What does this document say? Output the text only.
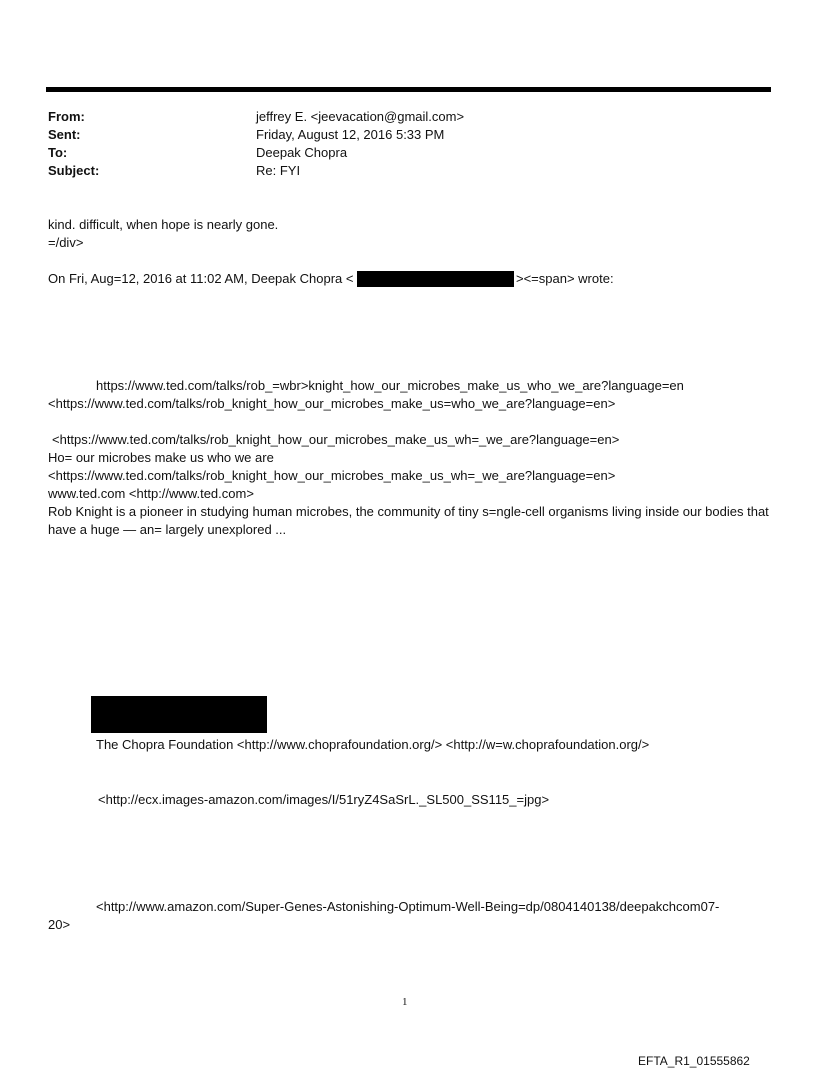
From:	jeffrey E. <jeevacation@gmail.com>
Sent:	Friday, August 12, 2016 5:33 PM
To:	Deepak Chopra
Subject:	Re: FYI
kind. difficult, when hope is nearly gone.
=/div>
On Fri, Aug=12, 2016 at 11:02 AM, Deepak Chopra <	><=span> wrote:
https://www.ted.com/talks/rob_=wbr>knight_how_our_microbes_make_us_who_we_are?language=en
<https://www.ted.com/talks/rob_knight_how_our_microbes_make_us=who_we_are?language=en>
<https://www.ted.com/talks/rob_knight_how_our_microbes_make_us_wh=_we_are?language=en>
Ho= our microbes make us who we are
<https://www.ted.com/talks/rob_knight_how_our_microbes_make_us_wh=_we_are?language=en>
www.ted.com <http://www.ted.com>
Rob Knight is a pioneer in studying human microbes, the community of tiny s=ngle-cell organisms living inside our bodies that have a huge — an= largely unexplored ...
The Chopra Foundation <http://www.choprafoundation.org/> <http://w=w.choprafoundation.org/>
<http://ecx.images-amazon.com/images/I/51ryZ4SaSrL._SL500_SS115_=jpg>
<http://www.amazon.com/Super-Genes-Astonishing-Optimum-Well-Being=dp/0804140138/deepakchcom07-
20>
1
EFTA_R1_01555862
